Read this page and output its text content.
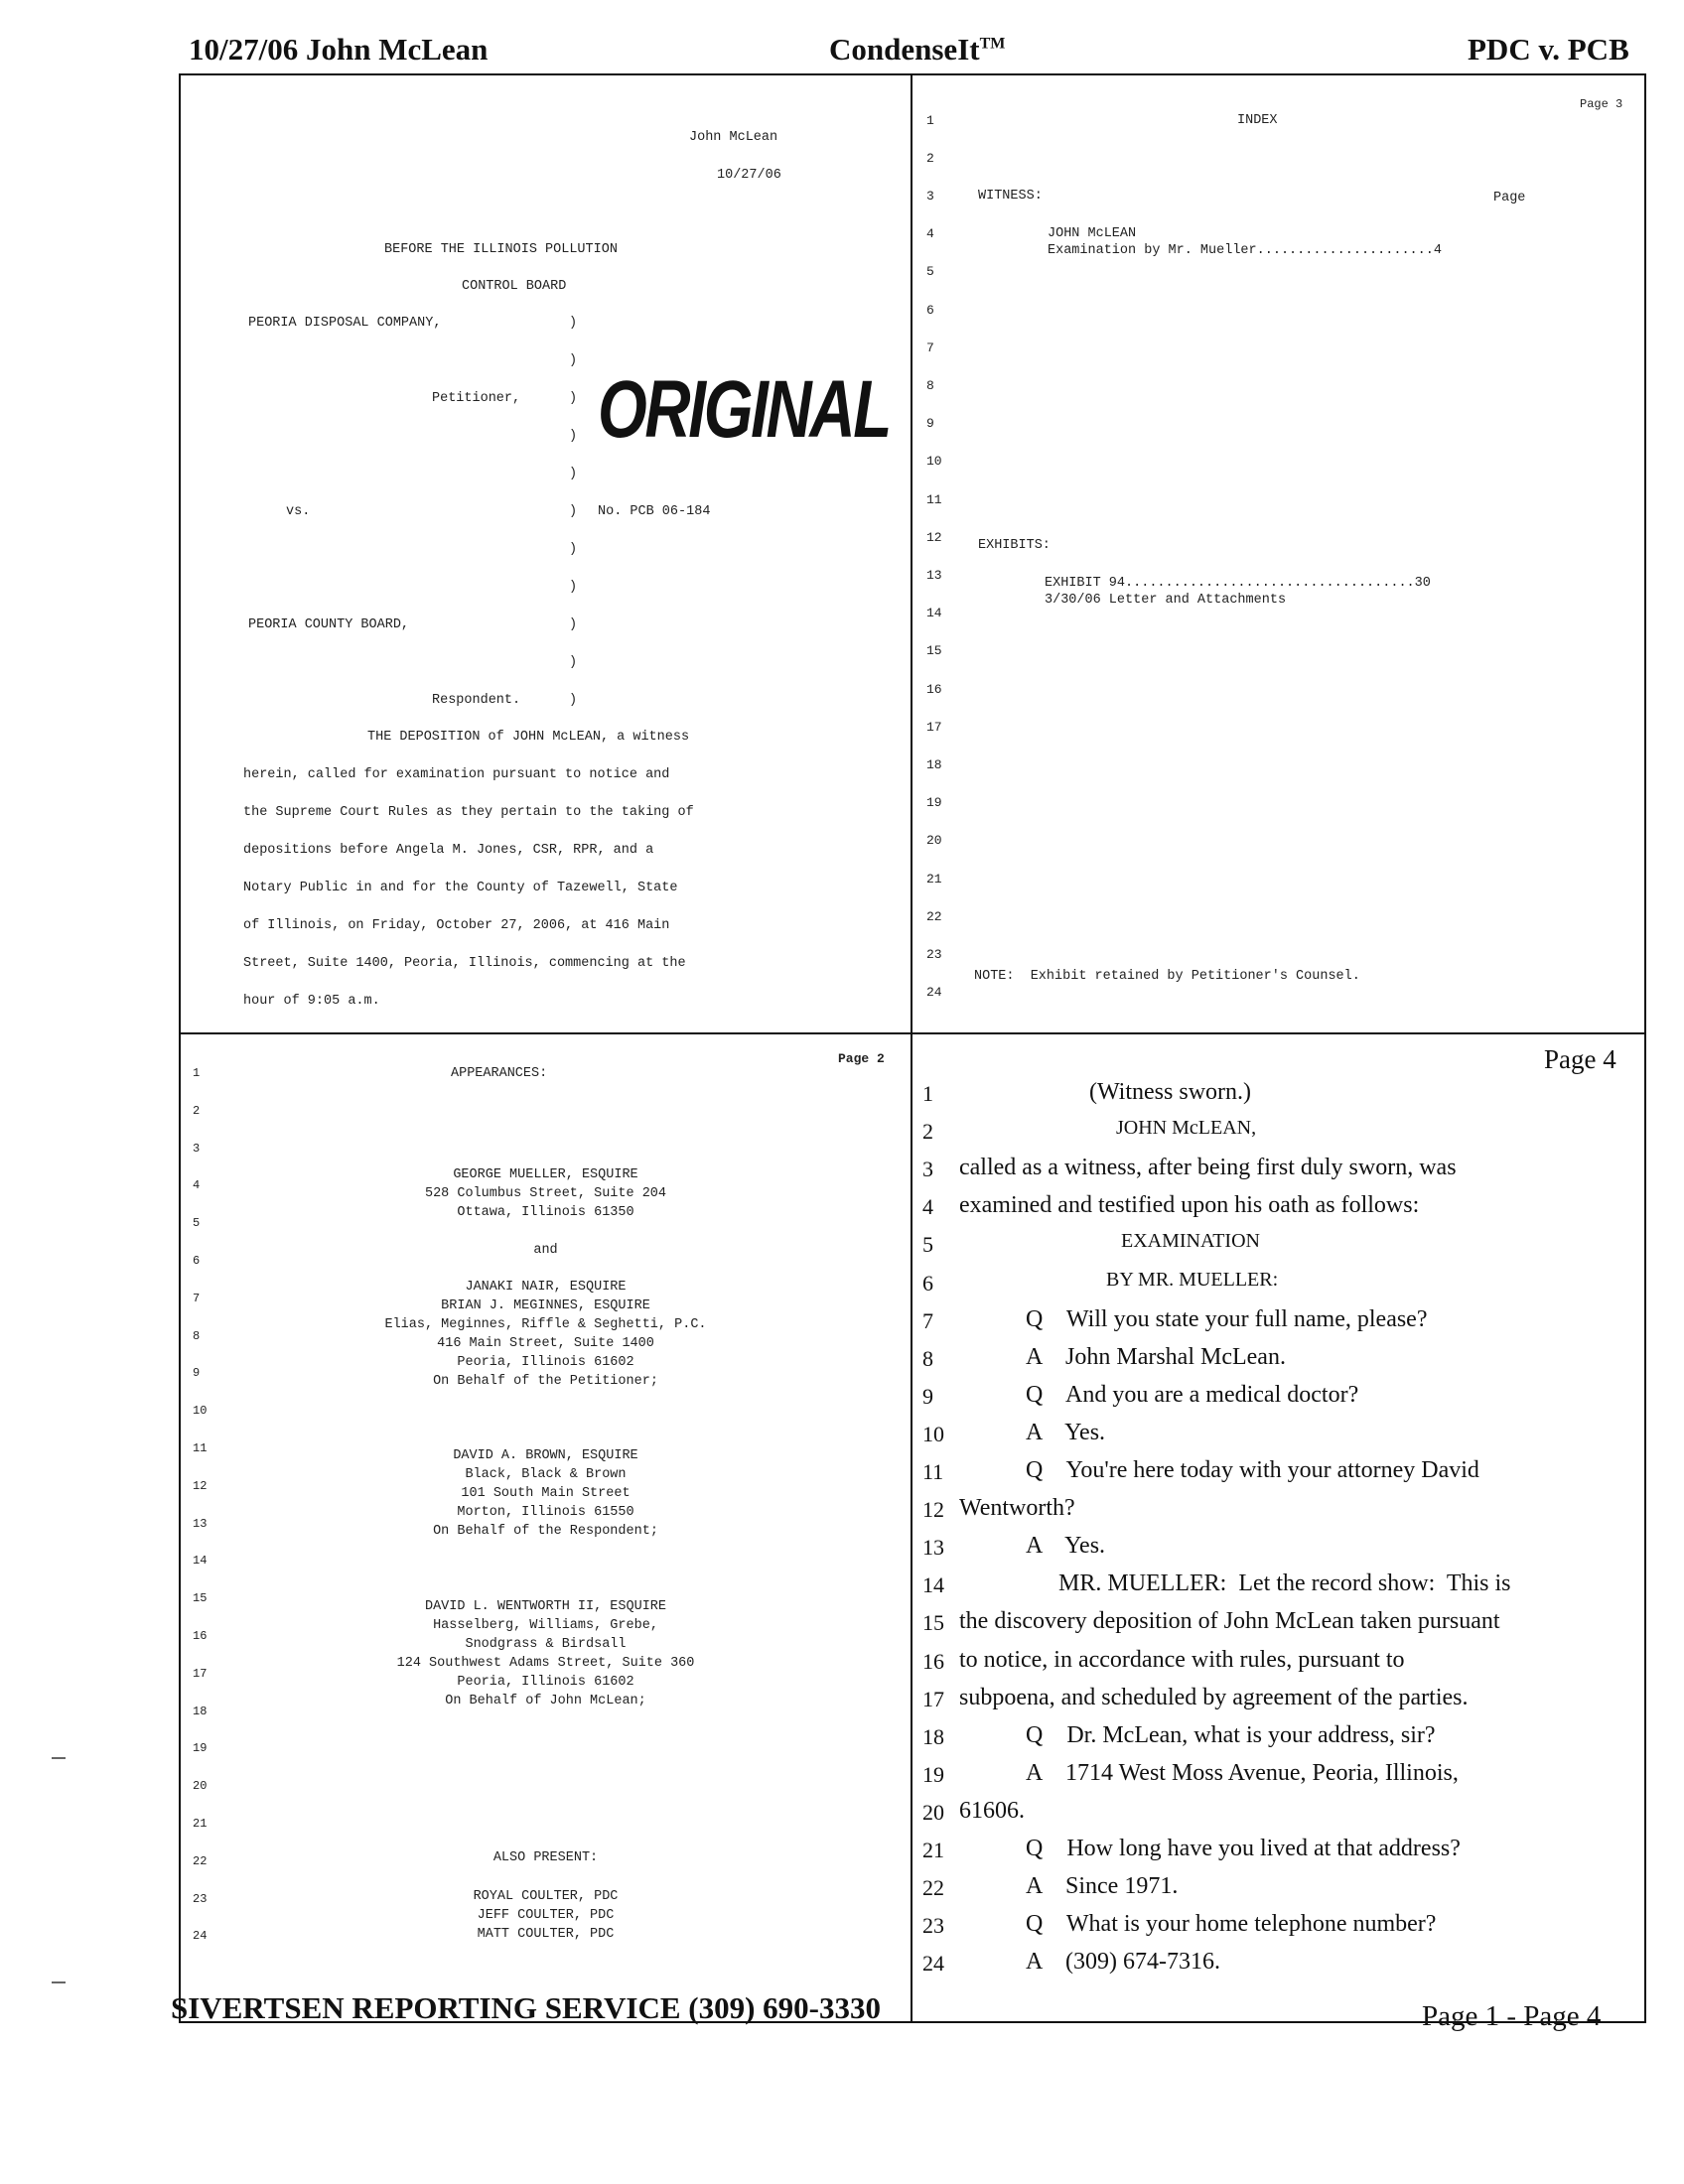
10/27/06 John McLean	CondenseIt™	PDC v. PCB
John McLean
10/27/06
BEFORE THE ILLINOIS POLLUTION
CONTROL BOARD
PEORIA DISPOSAL COMPANY,	)
)
Petitioner,	)
)
)
ORIGINAL
vs.	) No. PCB 06-184
)
)
PEORIA COUNTY BOARD,	)
)
Respondent.	)
THE DEPOSITION of JOHN McLEAN, a witness
herein, called for examination pursuant to notice and
the Supreme Court Rules as they pertain to the taking of
depositions before Angela M. Jones, CSR, RPR, and a
Notary Public in and for the County of Tazewell, State
of Illinois, on Friday, October 27, 2006, at 416 Main
Street, Suite 1400, Peoria, Illinois, commencing at the
hour of 9:05 a.m.
Page 3
1
2
3
4
5
6
7
8
9
10
11
12
13
14
15
16
17
18
19
20
21
22
23
24
INDEX
WITNESS:	Page
JOHN McLEAN
Examination by Mr. Mueller......................4
EXHIBITS:
EXHIBIT 94....................................30
3/30/06 Letter and Attachments
NOTE:  Exhibit retained by Petitioner's Counsel.
Page 2
1
2
3
4
5
6
7
8
9
10
11
12
13
14
15
16
17
18
19
20
21
22
23
24
APPEARANCES:
GEORGE MUELLER, ESQUIRE
528 Columbus Street, Suite 204
Ottawa, Illinois 61350
and
JANAKI NAIR, ESQUIRE
BRIAN J. MEGINNES, ESQUIRE
Elias, Meginnes, Riffle & Seghetti, P.C.
416 Main Street, Suite 1400
Peoria, Illinois 61602
On Behalf of the Petitioner;
DAVID A. BROWN, ESQUIRE
Black, Black & Brown
101 South Main Street
Morton, Illinois 61550
On Behalf of the Respondent;
DAVID L. WENTWORTH II, ESQUIRE
Hasselberg, Williams, Grebe,
Snodgrass & Birdsall
124 Southwest Adams Street, Suite 360
Peoria, Illinois 61602
On Behalf of John McLean;
ALSO PRESENT:
ROYAL COULTER, PDC
JEFF COULTER, PDC
MATT COULTER, PDC
Page 4
1
2
3
4
5
6
7
8
9
10
11
12
13
14
15
16
17
18
19
20
21
22
23
24
(Witness sworn.)
JOHN McLEAN,
called as a witness, after being first duly sworn, was
examined and testified upon his oath as follows:
EXAMINATION
BY MR. MUELLER:
Q    Will you state your full name, please?
A    John Marshal McLean.
Q    And you are a medical doctor?
A    Yes.
Q    You're here today with your attorney David
Wentworth?
A    Yes.
MR. MUELLER:  Let the record show:  This is
the discovery deposition of John McLean taken pursuant
to notice, in accordance with rules, pursuant to
subpoena, and scheduled by agreement of the parties.
Q    Dr. McLean, what is your address, sir?
A    1714 West Moss Avenue, Peoria, Illinois,
61606.
Q    How long have you lived at that address?
A    Since 1971.
Q    What is your home telephone number?
A    (309) 674-7316.
SIVERTSEN REPORTING SERVICE (309) 690-3330	Page 1 - Page 4
